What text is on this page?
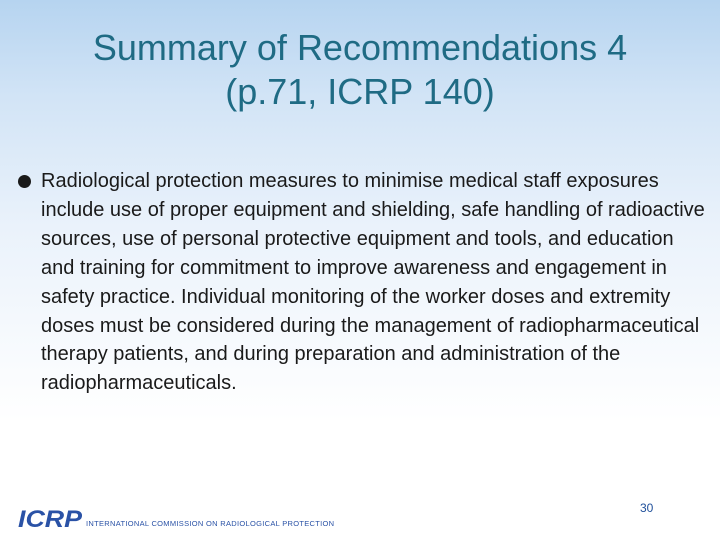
Summary of Recommendations 4
(p.71, ICRP 140)
Radiological protection measures to minimise medical staff exposures include use of proper equipment and shielding, safe handling of radioactive sources, use of personal protective equipment and tools, and education and training for commitment to improve awareness and engagement in safety practice. Individual monitoring of the worker doses and extremity doses must be considered during the management of radiopharmaceutical therapy patients, and during preparation and administration of the radiopharmaceuticals.
30
ICRP INTERNATIONAL COMMISSION ON RADIOLOGICAL PROTECTION
